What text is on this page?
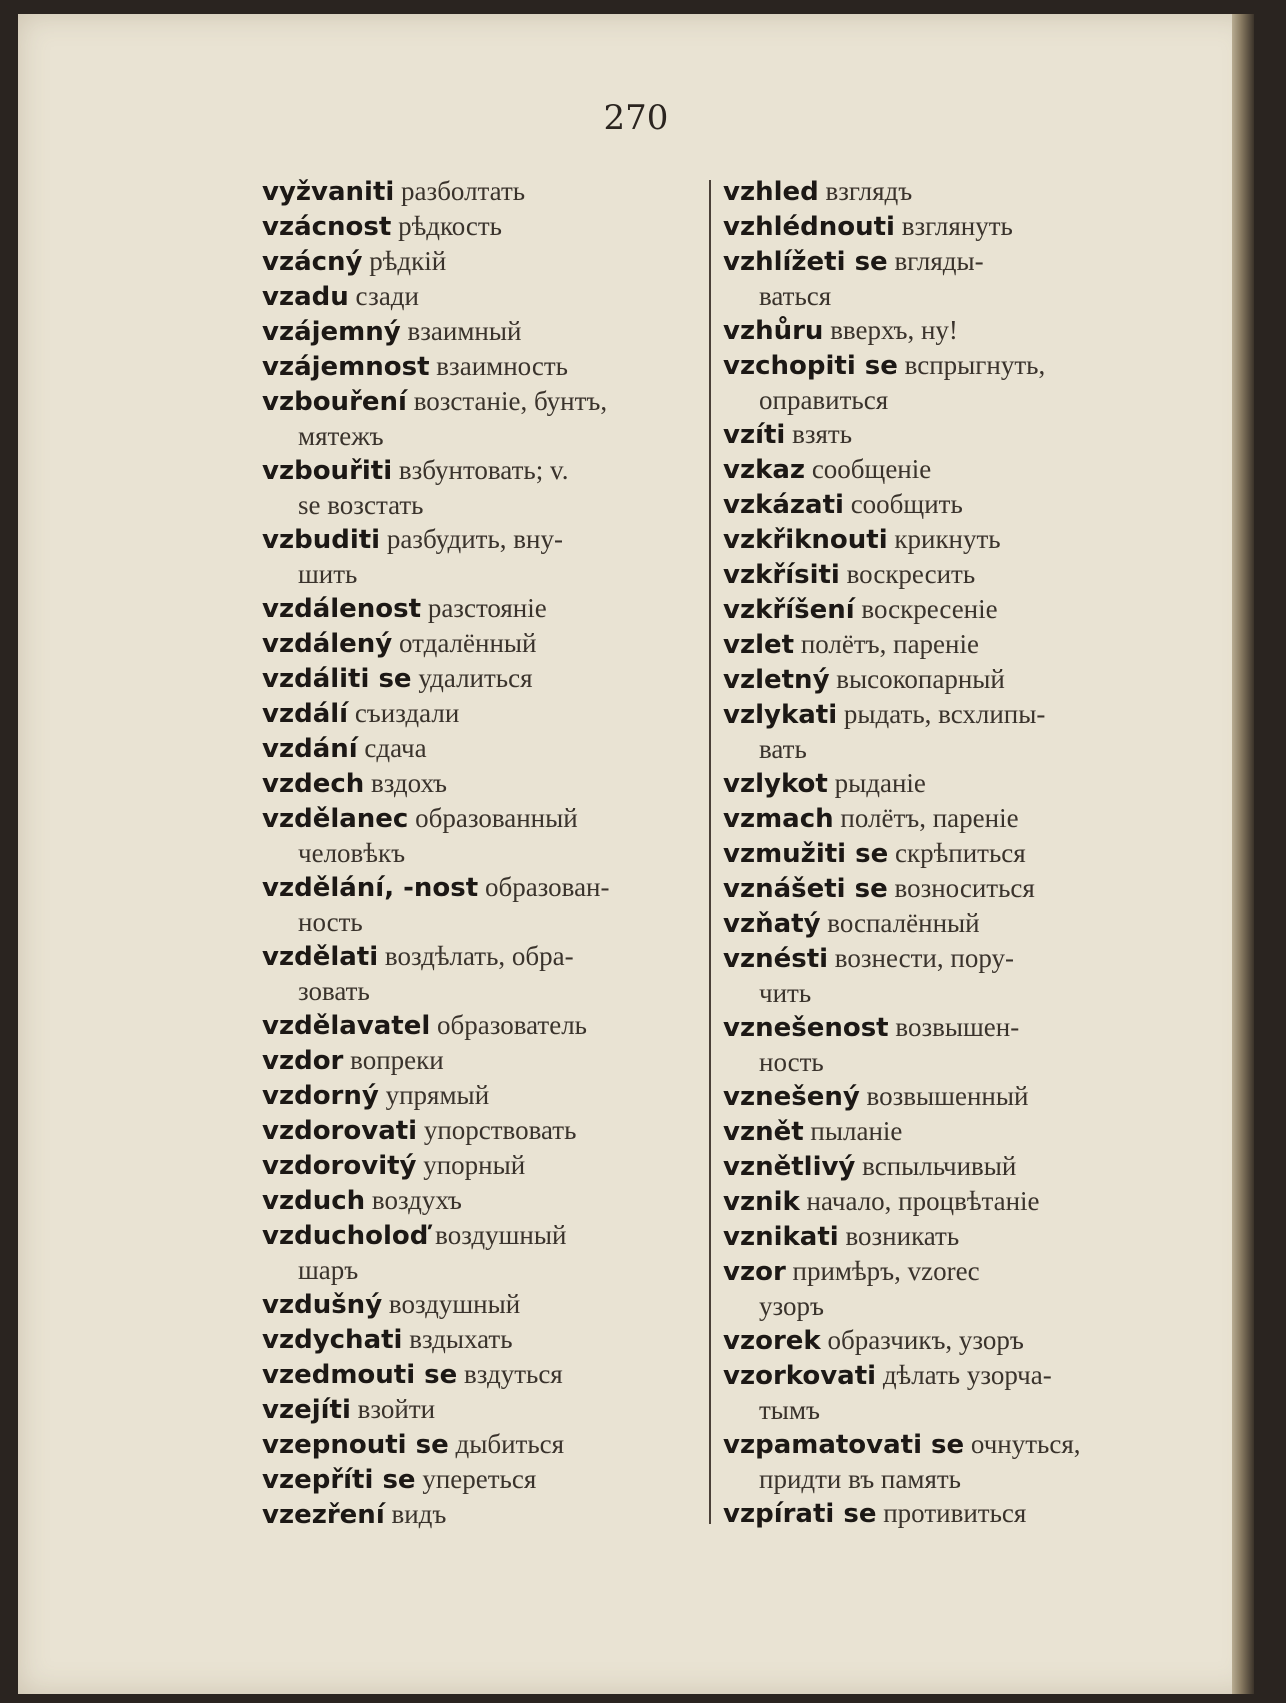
270
vyžvaniti разболтать
vzácnost рѣдкость
vzácný рѣдкій
vzadu сзади
vzájemný взаимный
vzájemnost взаимность
vzbouření возстаніе, бунтъ,
мятежъ
vzbouřiti взбунтовать; v.
se возстать
vzbuditi разбудить, вну-
шить
vzdálenost разстояніе
vzdálený отдалённый
vzdáliti se удалиться
vzdálí съиздали
vzdání сдача
vzdech вздохъ
vzdělanec образованный
человѣкъ
vzdělání, -nost образован-
ность
vzdělati воздѣлать, обра-
зовать
vzdělavatel образователь
vzdor вопреки
vzdorný упрямый
vzdorovati упорствовать
vzdorovitý упорный
vzduch воздухъ
vzducholoď воздушный
шаръ
vzdušný воздушный
vzdychati вздыхать
vzedmouti se вздуться
vzejíti взойти
vzepnouti se дыбиться
vzepříti se упереться
vzezření видъ
vzhled взглядъ
vzhlédnouti взглянуть
vzhlížeti se вгляды-
ваться
vzhůru вверхъ, ну!
vzchopiti se вспрыгнуть,
оправиться
vzíti взять
vzkaz сообщеніе
vzkázati сообщить
vzkřiknouti крикнуть
vzkřísiti воскресить
vzkříšení воскресеніе
vzlet полётъ, пареніе
vzletný высокопарный
vzlykati рыдать, всхлипы-
вать
vzlykot рыданіе
vzmach полётъ, пареніе
vzmužiti se скрѣпиться
vznášeti se возноситься
vzňatý воспалённый
vznésti вознести, пору-
чить
vznešenost возвышен-
ность
vznešený возвышенный
vznět пыланіе
vznětlivý вспыльчивый
vznik начало, процвѣтаніе
vznikati возникать
vzor примѣръ, vzorec
узоръ
vzorek образчикъ, узоръ
vzorkovati дѣлать узорча-
тымъ
vzpamatovati se очнуться,
придти въ память
vzpírati se противиться
